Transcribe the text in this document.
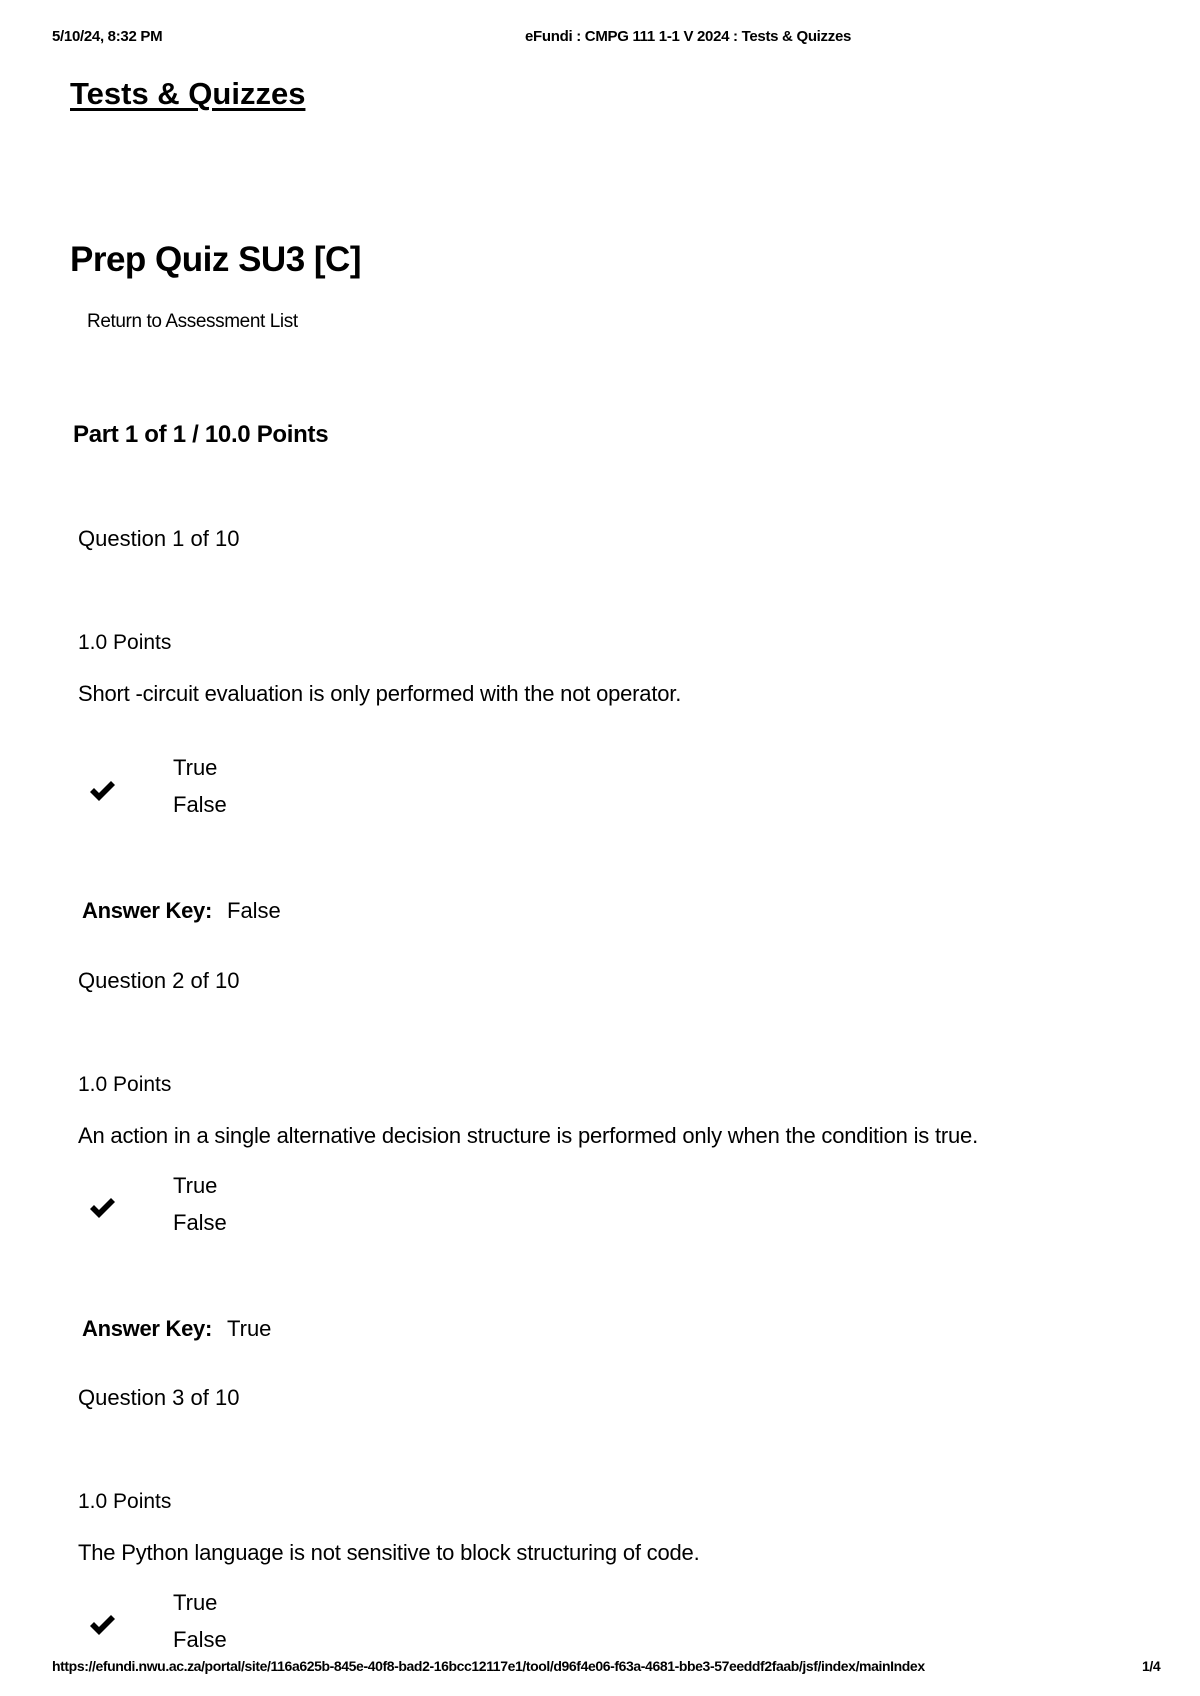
5/10/24, 8:32 PM	eFundi : CMPG 111 1-1 V 2024 : Tests & Quizzes
Tests & Quizzes
Prep Quiz SU3 [C]
Return to Assessment List
Part 1 of 1 / 10.0 Points
Question 1 of 10
1.0 Points
Short -circuit evaluation is only performed with the not operator.
True
False
Answer Key: False
Question 2 of 10
1.0 Points
An action in a single alternative decision structure is performed only when the condition is true.
True
False
Answer Key: True
Question 3 of 10
1.0 Points
The Python language is not sensitive to block structuring of code.
True
False
https://efundi.nwu.ac.za/portal/site/116a625b-845e-40f8-bad2-16bcc12117e1/tool/d96f4e06-f63a-4681-bbe3-57eeddf2faab/jsf/index/mainIndex	1/4
